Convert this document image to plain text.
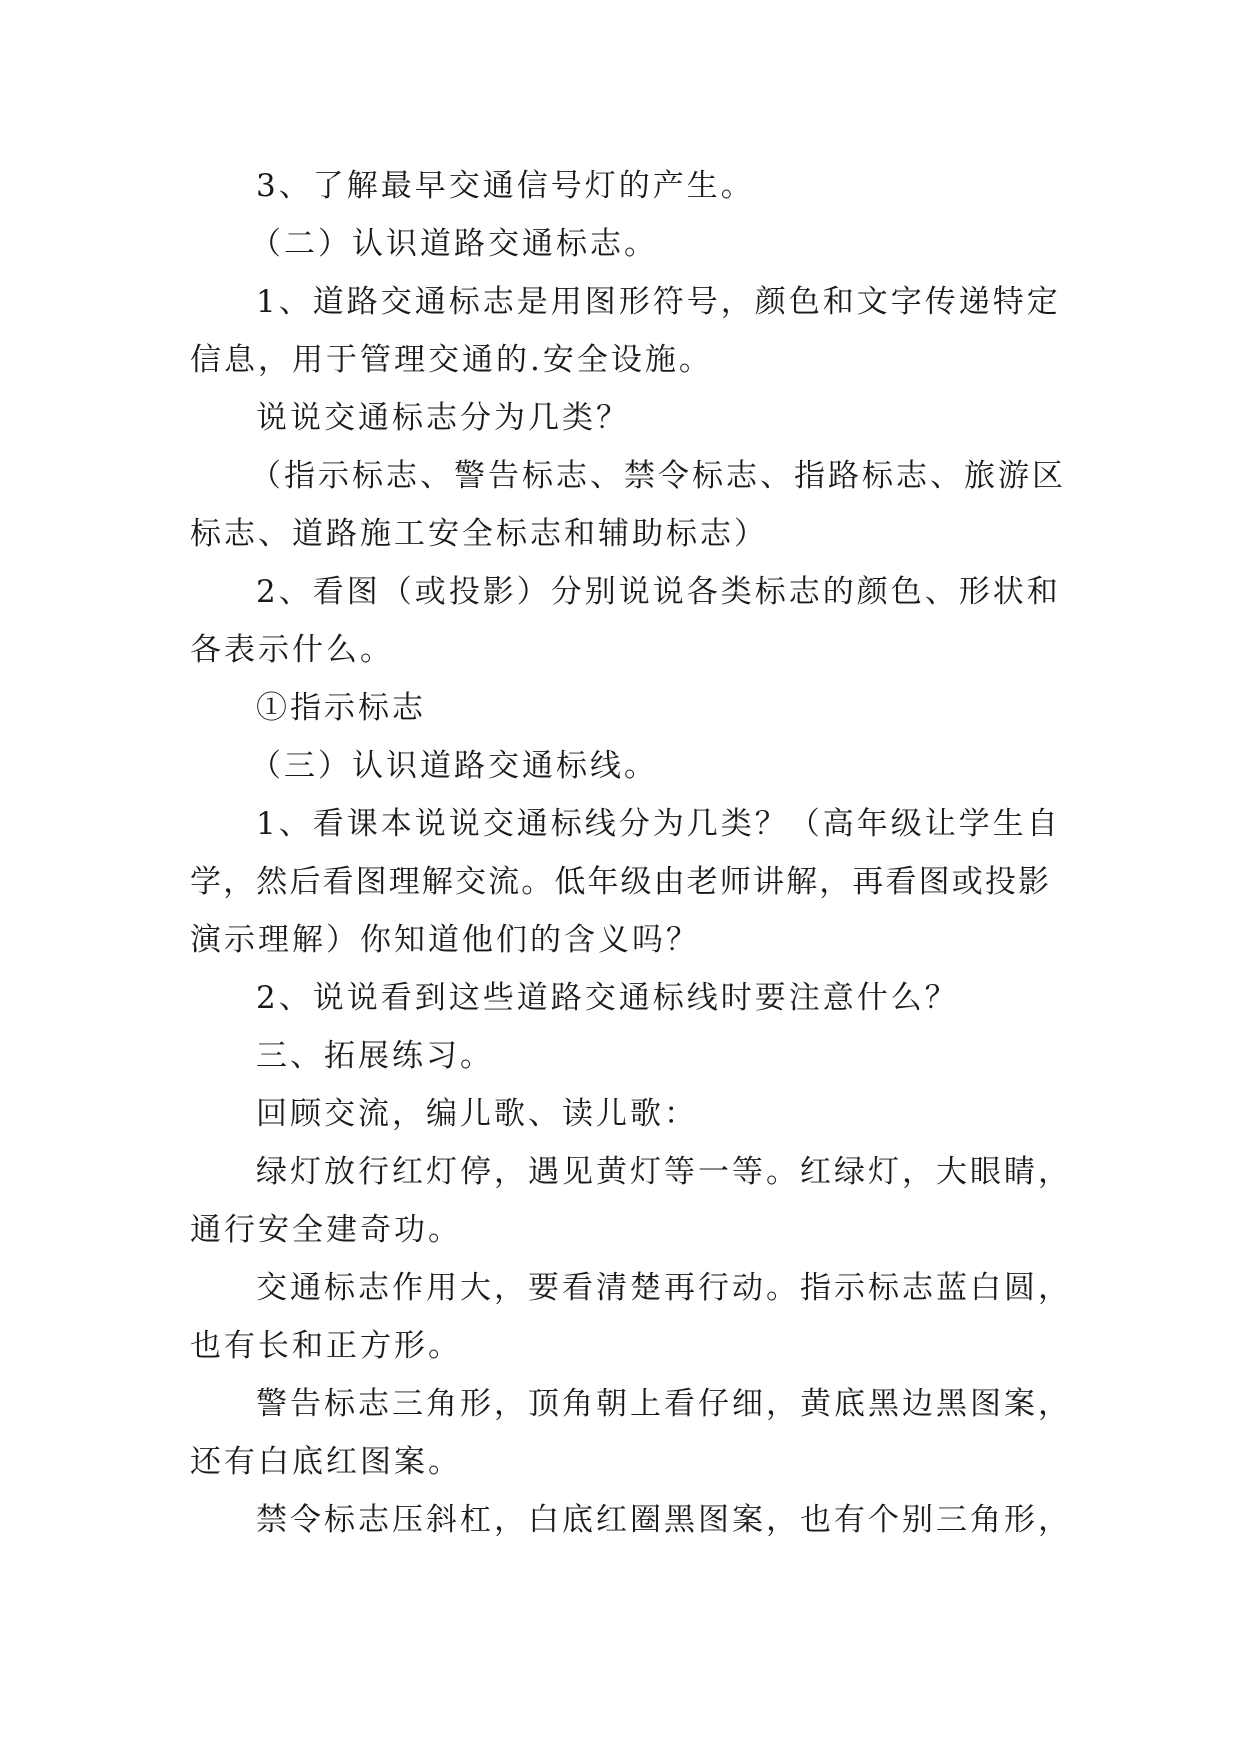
3、了解最早交通信号灯的产生。
（二）认识道路交通标志。
1、道路交通标志是用图形符号，颜色和文字传递特定
信息，用于管理交通的.安全设施。
说说交通标志分为几类？
（指示标志、警告标志、禁令标志、指路标志、旅游区
标志、道路施工安全标志和辅助标志）
2、看图（或投影）分别说说各类标志的颜色、形状和
各表示什么。
①指示标志
（三）认识道路交通标线。
1、看课本说说交通标线分为几类？（高年级让学生自
学，然后看图理解交流。低年级由老师讲解，再看图或投影
演示理解）你知道他们的含义吗？
2、说说看到这些道路交通标线时要注意什么？
三、拓展练习。
回顾交流，编儿歌、读儿歌：
绿灯放行红灯停，遇见黄灯等一等。红绿灯，大眼睛，
通行安全建奇功。
交通标志作用大，要看清楚再行动。指示标志蓝白圆，
也有长和正方形。
警告标志三角形，顶角朝上看仔细，黄底黑边黑图案，
还有白底红图案。
禁令标志压斜杠，白底红圈黑图案，也有个别三角形，
